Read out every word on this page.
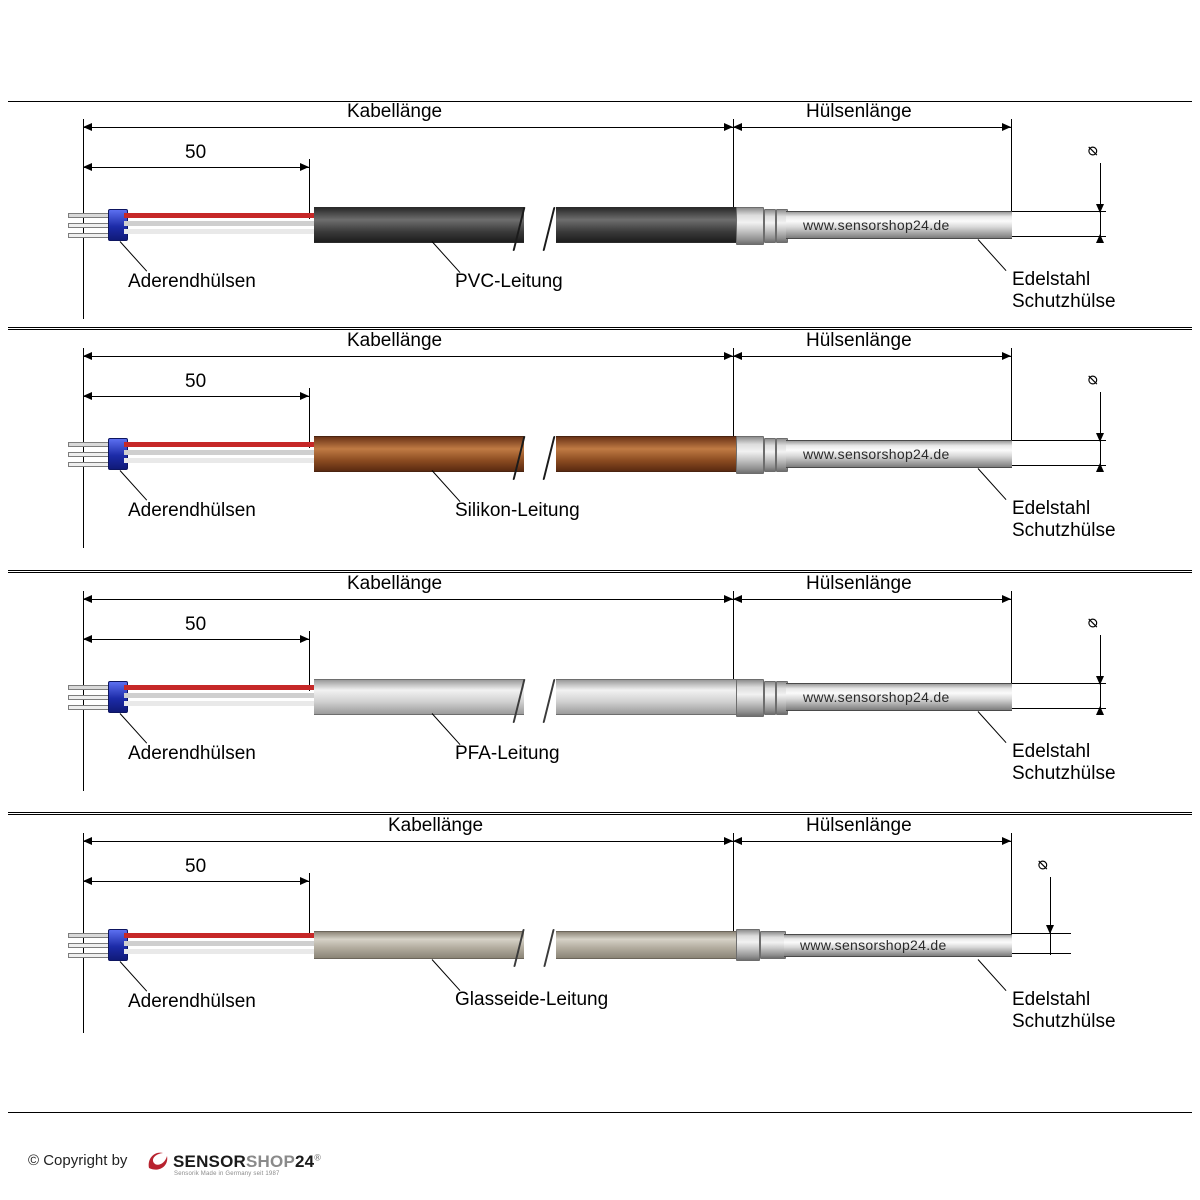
Kabellänge	Hülsenlänge
50	⌀
www.sensorshop24.de
Aderendhülsen	PVC-Leitung	Edelstahl
Schutzhülse
Kabellänge	Hülsenlänge
50	⌀
www.sensorshop24.de
Aderendhülsen	Silikon-Leitung	Edelstahl
Schutzhülse
Kabellänge	Hülsenlänge
50	⌀
www.sensorshop24.de
Aderendhülsen	PFA-Leitung	Edelstahl
Schutzhülse
Kabellänge	Hülsenlänge
50	⌀
www.sensorshop24.de
Aderendhülsen	Glasseide-Leitung	Edelstahl
Schutzhülse
© Copyright by	SENSORSHOP24®
Sensorik Made in Germany seit 1987
